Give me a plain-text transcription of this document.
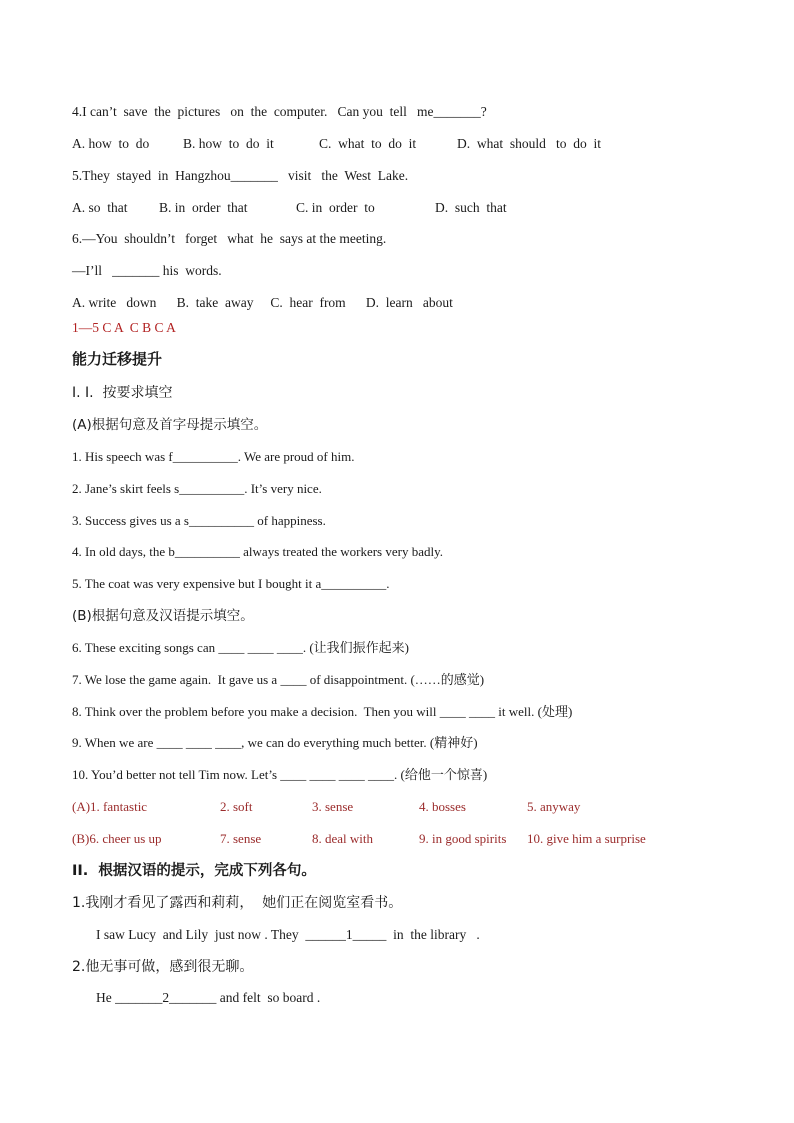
4.I can’t  save  the  pictures   on  the  computer.   Can you  tell   me_______?
A. how  to  do	B. how  to  do  it	C.  what  to  do  it	D.  what  should   to  do  it
5.They  stayed  in  Hangzhou_______   visit   the  West  Lake.
A. so  that B. in  order  that	C. in  order  to	D.  such  that
6.—You  shouldn’t   forget   what  he  says at the meeting.
—I’ll   _______ his  words.
A. write   down      B.  take  away     C.  hear  from      D.  learn   about
1—5 C A  C B C A
能力迁移提升
I. I.  按要求填空
(A)根据句意及首字母提示填空。
1. His speech was f__________. We are proud of him.
2. Jane’s skirt feels s__________. It’s very nice.
3. Success gives us a s__________ of happiness.
4. In old days, the b__________ always treated the workers very badly.
5. The coat was very expensive but I bought it a__________.
(B)根据句意及汉语提示填空。
6. These exciting songs can ____ ____ ____. (让我们振作起来)
7. We lose the game again.  It gave us a ____ of disappointment. (……的感觉)
8. Think over the problem before you make a decision.  Then you will ____ ____ it well. (处理)
9. When we are ____ ____ ____, we can do everything much better. (精神好)
10. You’d better not tell Tim now. Let’s ____ ____ ____ ____. (给他一个惊喜)
(A)1. fantastic	2. soft	3. sense	4. bosses	5. anyway
(B)6. cheer us up	7. sense	8. deal with	9. in good spirits 10. give him a surprise
II.  根据汉语的提示，完成下列各句。
1.我刚才看见了露西和莉莉，  她们正在阅览室看书。
I saw Lucy  and Lily  just now . They  ______1_____  in  the library   .
2.他无事可做，感到很无聊。
He _______2_______ and felt  so board .
